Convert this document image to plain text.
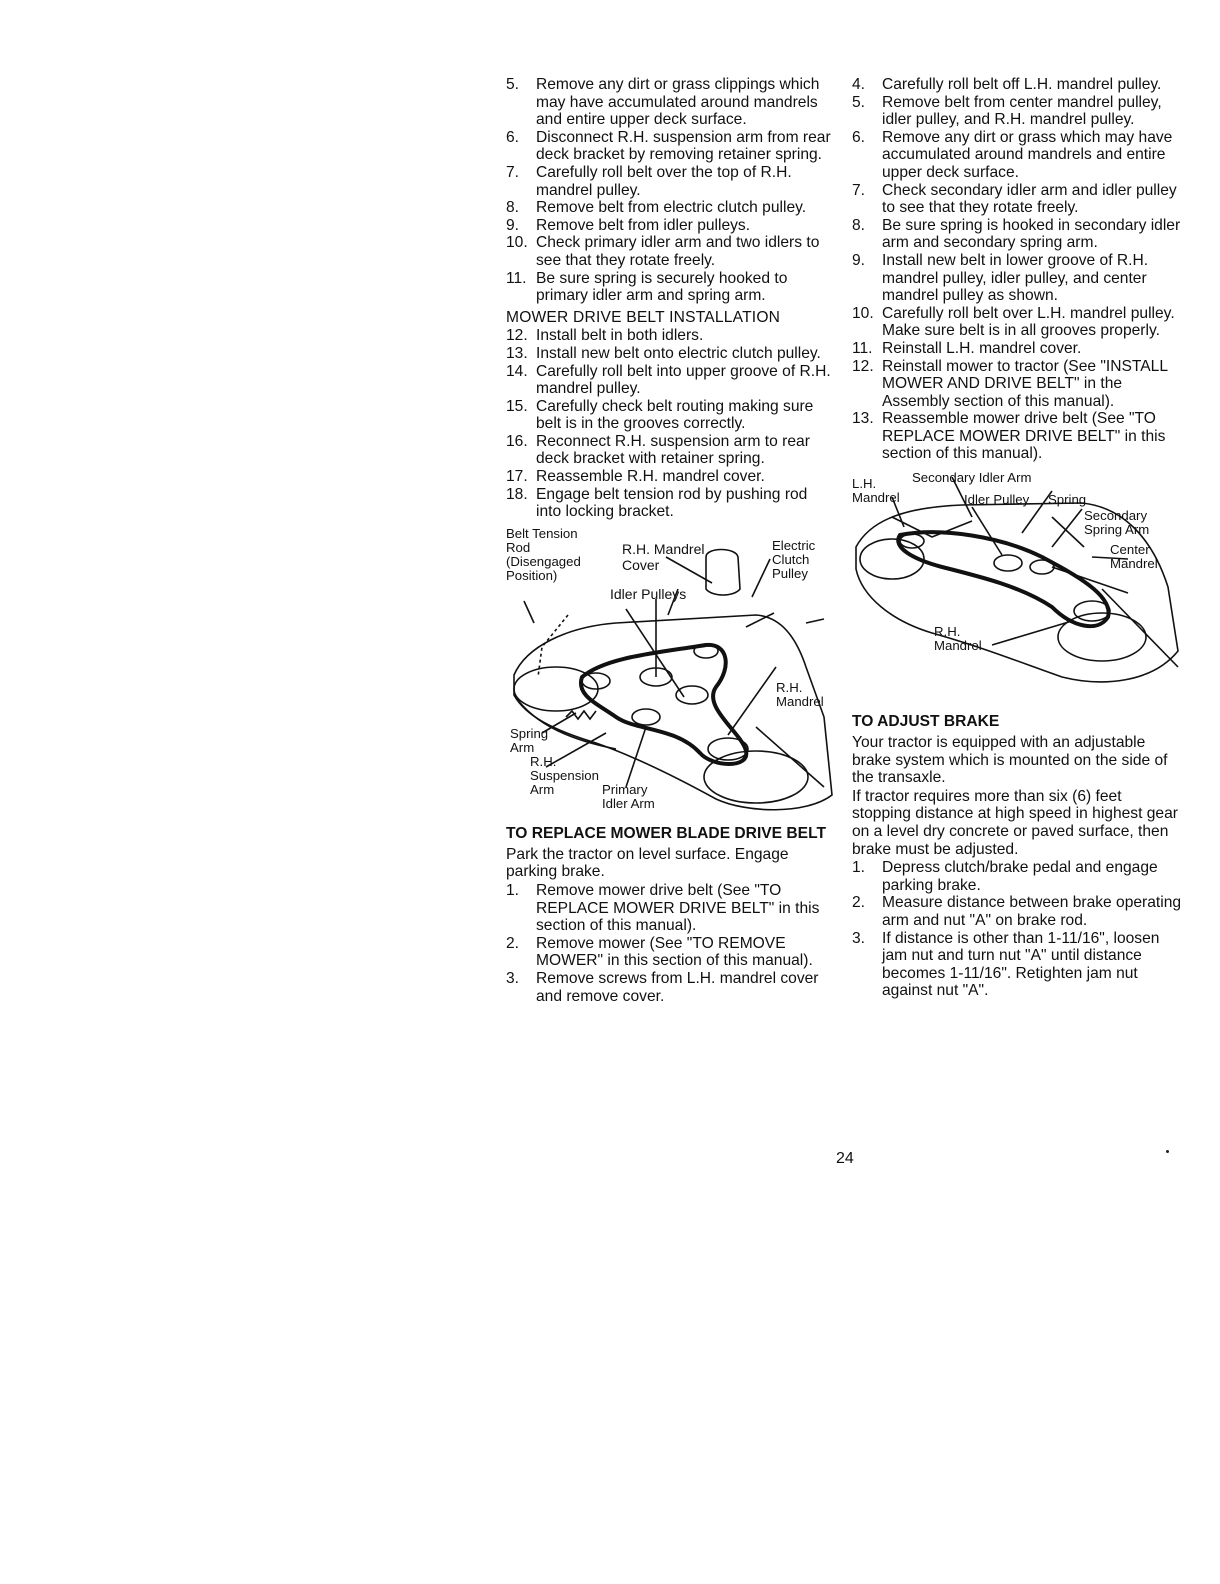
5.	Remove any dirt or grass clippings which may have accumulated around mandrels and entire upper deck surface.
6.	Disconnect R.H. suspension arm from rear deck bracket by removing retainer spring.
7.	Carefully roll belt over the top of R.H. mandrel pulley.
8.	Remove belt from electric clutch pulley.
9.	Remove belt from idler pulleys.
10. Check primary idler arm and two idlers to see that they rotate freely.
11. Be sure spring is securely hooked to primary idler arm and spring arm.
MOWER DRIVE BELT INSTALLATION
12. Install belt in both idlers.
13. Install new belt onto electric clutch pulley.
14. Carefully roll belt into upper groove of R.H. mandrel pulley.
15. Carefully check belt routing making sure belt is in the grooves correctly.
16. Reconnect R.H. suspension arm to rear deck bracket with retainer spring.
17. Reassemble R.H. mandrel cover.
18. Engage belt tension rod by pushing rod into locking bracket.
Belt Tension
Rod
(Disengaged
Position)
R.H. Mandrel
Cover
Electric
Clutch
Pulley
Idler Pulleys
R.H.
Mandrel
Spring
Arm
R.H.
Suspension
Arm	Primary
Idler Arm
TO REPLACE MOWER BLADE DRIVE BELT
Park the tractor on level surface. Engage parking brake.
1.	Remove mower drive belt (See "TO REPLACE MOWER DRIVE BELT" in this section of this manual).
2.	Remove mower (See "TO REMOVE MOWER" in this section of this manual).
3.	Remove screws from L.H. mandrel cover and remove cover.
4.	Carefully roll belt off L.H. mandrel pulley.
5.	Remove belt from center mandrel pulley, idler pulley, and R.H. mandrel pulley.
6.	Remove any dirt or grass which may have accumulated around mandrels and entire upper deck surface.
7.	Check secondary idler arm and idler pulley to see that they rotate freely.
8.	Be sure spring is hooked in secondary idler arm and secondary spring arm.
9.	Install new belt in lower groove of R.H. mandrel pulley, idler pulley, and center mandrel pulley as shown.
10. Carefully roll belt over L.H. mandrel pulley. Make sure belt is in all grooves properly.
11. Reinstall L.H. mandrel cover.
12. Reinstall mower to tractor (See "INSTALL MOWER AND DRIVE BELT" in the Assembly section of this manual).
13. Reassemble mower drive belt (See "TO REPLACE MOWER DRIVE BELT" in this section of this manual).
L.H.
Mandrel
Secondary Idler Arm
Idler Pulley Spring
Secondary
Spring Arm
Center
Mandrel
R.H.
Mandrel
TO ADJUST BRAKE
Your tractor is equipped with an adjustable brake system which is mounted on the side of the transaxle.
If tractor requires more than six (6) feet stopping distance at high speed in highest gear on a level dry concrete or paved surface, then brake must be adjusted.
1.	Depress clutch/brake pedal and engage parking brake.
2.	Measure distance between brake operating arm and nut "A" on brake rod.
3.	If distance is other than 1-11/16", loosen jam nut and turn nut "A" until distance becomes 1-11/16". Retighten jam nut against nut "A".
24
